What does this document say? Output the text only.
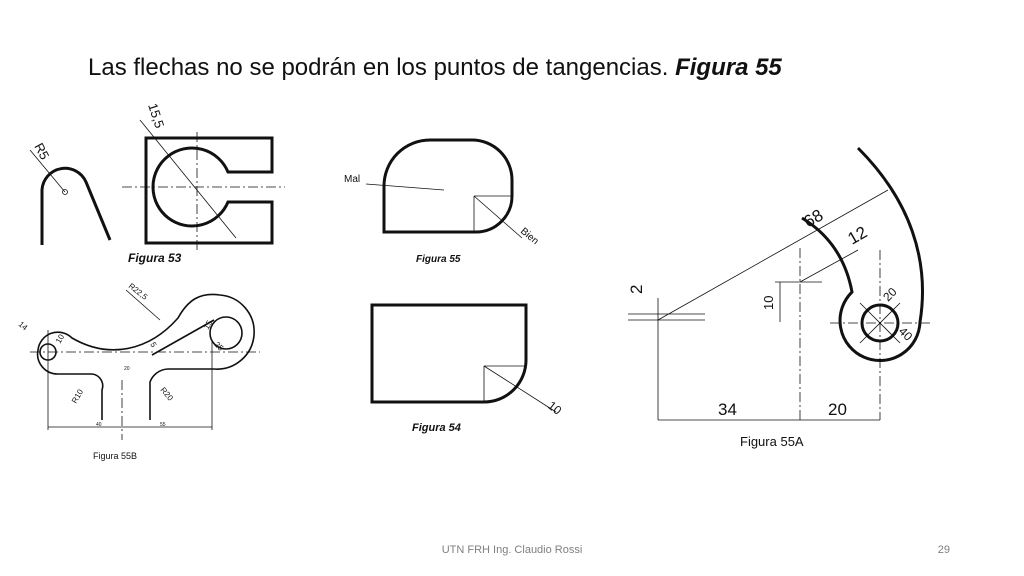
Las flechas no se podrán en los puntos de tangencias. Figura 55
R5
15,5
Figura 53
Mal
Bien
Figura 55
10
Figura 54
R22,5
14
10	5
15
25
R10	R20
20
40	55
Figura 55B
68
12
2
10	20
40
34	20
Figura 55A
UTN FRH Ing. Claudio Rossi	29
